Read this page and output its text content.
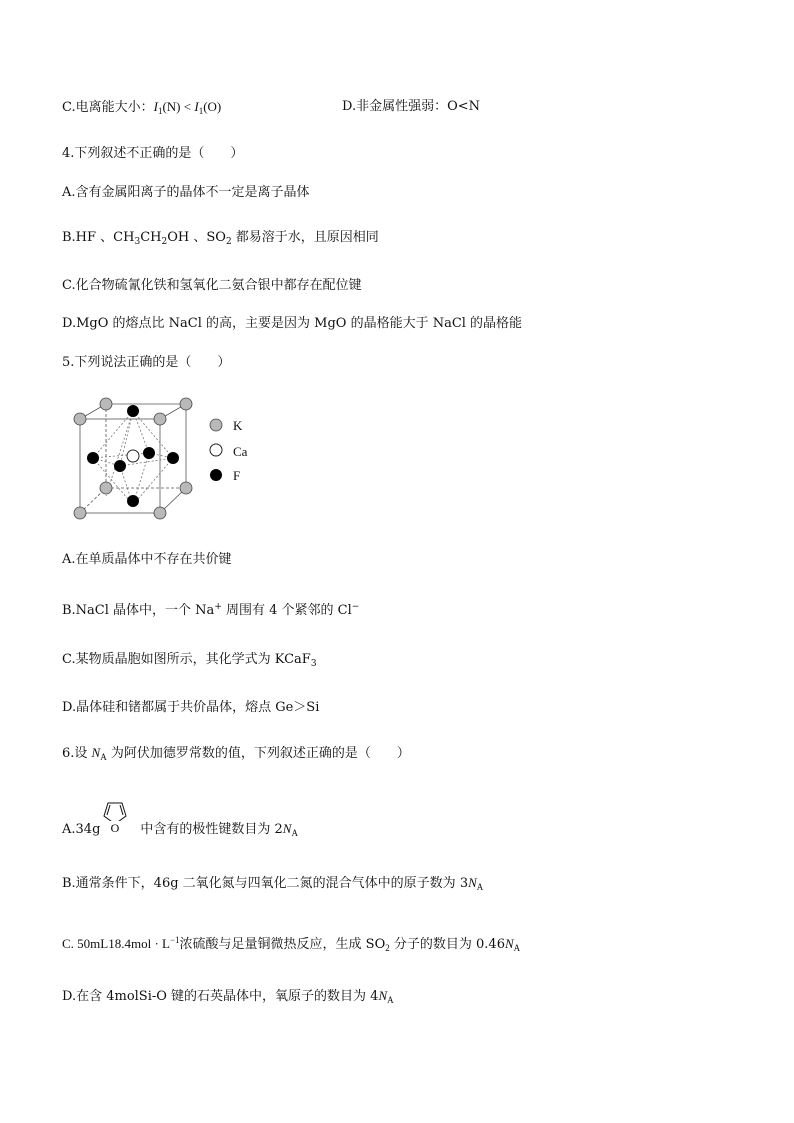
C.电离能大小：$I_1(N) < I_1(O)$	D.非金属性强弱：O<N
4.下列叙述不正确的是（　　）
A.含有金属阳离子的晶体不一定是离子晶体
B.HF 、$CH_3CH_2OH$ 、$SO_2$ 都易溶于水，且原因相同
C.化合物硫氰化铁和氢氧化二氨合银中都存在配位键
D.MgO 的熔点比 NaCl 的高，主要是因为 MgO 的晶格能大于 NaCl 的晶格能
5.下列说法正确的是（　　）
K
Ca
F
A.在单质晶体中不存在共价键
B.NaCl 晶体中，一个 Na+ 周围有 4 个紧邻的 Cl−
C.某物质晶胞如图所示，其化学式为 KCaF$_3$
D.晶体硅和锗都属于共价晶体，熔点 Ge＞Si
6.设 $N_A$ 为阿伏加德罗常数的值，下列叙述正确的是（　　）
O
A.34g	中含有的极性键数目为 $2N_A$
B.通常条件下，46g 二氧化氮与四氧化二氮的混合气体中的原子数为 $3N_A$
C. $50mL18.4mol \cdot L^{-1}$浓硫酸与足量铜微热反应，生成 $SO_2$ 分子的数目为 $0.46N_A$
D.在含 4molSi-O 键的石英晶体中，氧原子的数目为 $4N_A$
